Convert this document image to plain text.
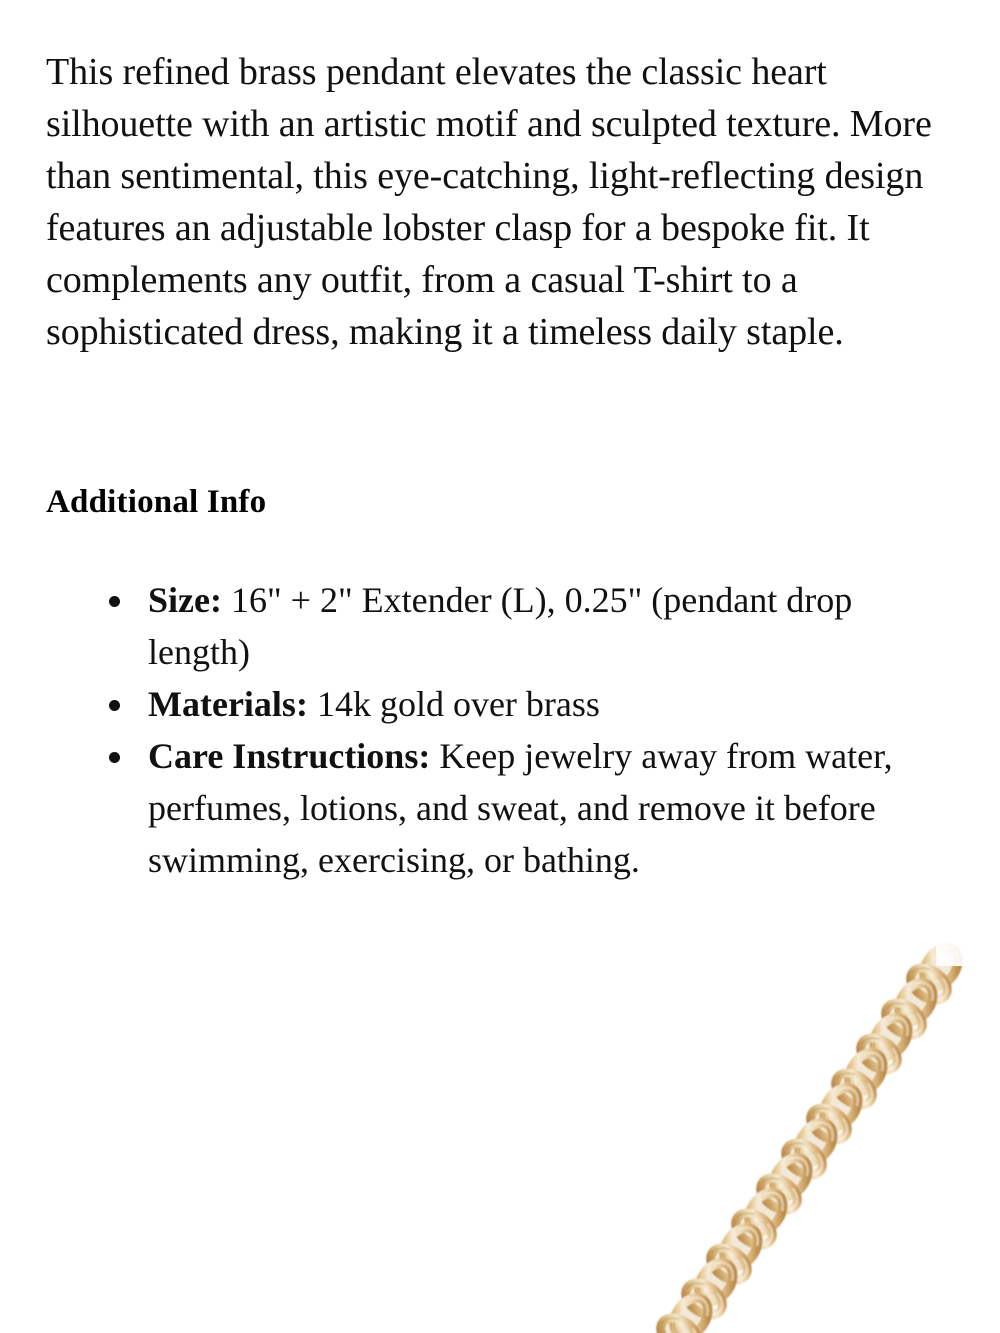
This refined brass pendant elevates the classic heart silhouette with an artistic motif and sculpted texture. More than sentimental, this eye-catching, light-reflecting design features an adjustable lobster clasp for a bespoke fit. It complements any outfit, from a casual T-shirt to a sophisticated dress, making it a timeless daily staple.

Additional Info
Size: 16" + 2" Extender (L), 0.25" (pendant drop length)
Materials: 14k gold over brass
Care Instructions: Keep jewelry away from water, perfumes, lotions, and sweat, and remove it before swimming, exercising, or bathing.
